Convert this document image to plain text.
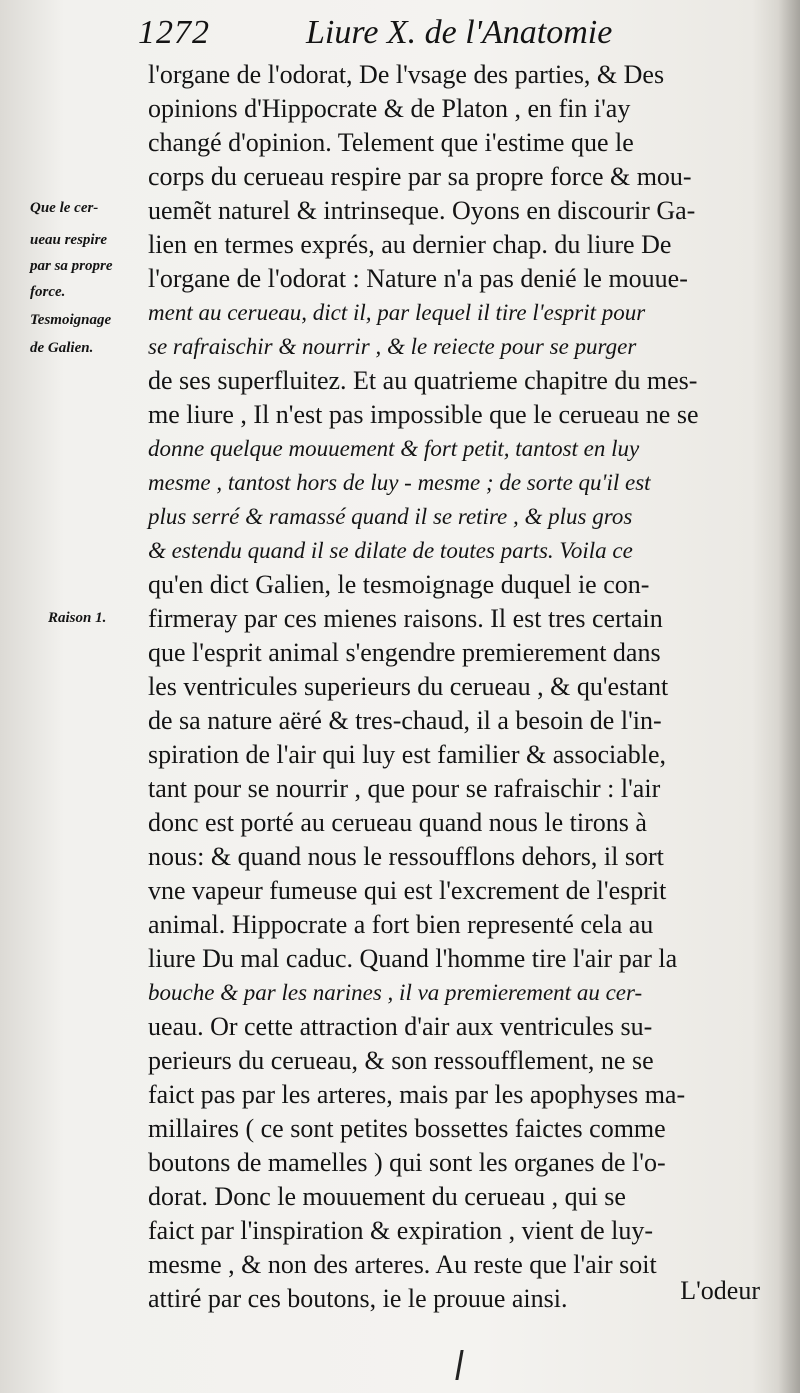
1272	Liure X. de l'Anatomie
Que le cer-
ueau respire
par sa propre
force.
Tesmoignage
de Galien.
Raison 1.
l'organe de l'odorat, De l'vsage des parties, & Des
opinions d'Hippocrate & de Platon , en fin i'ay
changé d'opinion. Telement que i'estime que le
corps du cerueau respire par sa propre force & mou-
uemẽt naturel & intrinseque. Oyons en discourir Ga-
lien en termes exprés, au dernier chap. du liure De
l'organe de l'odorat : Nature n'a pas denié le mouue-
ment au cerueau, dict il, par lequel il tire l'esprit pour
se rafraischir & nourrir , & le reiecte pour se purger
de ses superfluitez. Et au quatrieme chapitre du mes-
me liure , Il n'est pas impossible que le cerueau ne se
donne quelque mouuement & fort petit, tantost en luy
mesme , tantost hors de luy - mesme ; de sorte qu'il est
plus serré & ramassé quand il se retire , & plus gros
& estendu quand il se dilate de toutes parts. Voila ce
qu'en dict Galien, le tesmoignage duquel ie con-
firmeray par ces mienes raisons. Il est tres certain
que l'esprit animal s'engendre premierement dans
les ventricules superieurs du cerueau , & qu'estant
de sa nature aëré & tres-chaud, il a besoin de l'in-
spiration de l'air qui luy est familier & associable,
tant pour se nourrir , que pour se rafraischir : l'air
donc est porté au cerueau quand nous le tirons à
nous: & quand nous le ressoufflons dehors, il sort
vne vapeur fumeuse qui est l'excrement de l'esprit
animal. Hippocrate a fort bien representé cela au
liure Du mal caduc. Quand l'homme tire l'air par la
bouche & par les narines , il va premierement au cer-
ueau. Or cette attraction d'air aux ventricules su-
perieurs du cerueau, & son ressoufflement, ne se
faict pas par les arteres, mais par les apophyses ma-
millaires ( ce sont petites bossettes faictes comme
boutons de mamelles ) qui sont les organes de l'o-
dorat. Donc le mouuement du cerueau , qui se
faict par l'inspiration & expiration , vient de luy-
mesme , & non des arteres. Au reste que l'air soit
attiré par ces boutons, ie le prouue ainsi.	L'odeur
